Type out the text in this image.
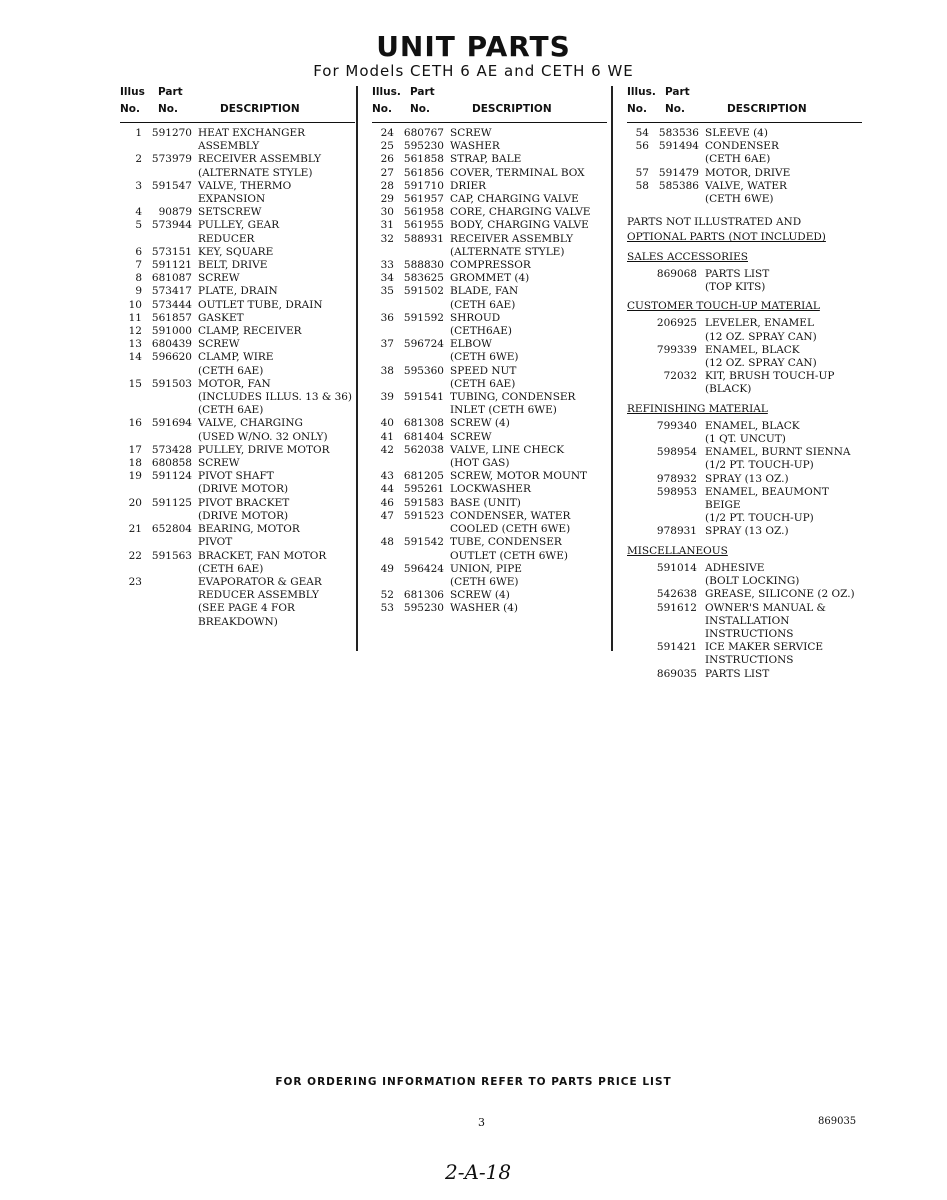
UNIT PARTS
For Models CETH 6 AE and CETH 6 WE
Illus Part
No. No.	DESCRIPTION
1 591270 HEAT EXCHANGER
ASSEMBLY
2 573979 RECEIVER ASSEMBLY
(ALTERNATE STYLE)
3 591547 VALVE, THERMO
EXPANSION
4	90879 SETSCREW
5 573944 PULLEY, GEAR
REDUCER
6 573151 KEY, SQUARE
7 591121 BELT, DRIVE
8 681087 SCREW
9 573417 PLATE, DRAIN
10 573444 OUTLET TUBE, DRAIN
11 561857 GASKET
12 591000 CLAMP, RECEIVER
13 680439 SCREW
14 596620 CLAMP, WIRE
(CETH 6AE)
15 591503 MOTOR, FAN
(INCLUDES ILLUS. 13 & 36)
(CETH 6AE)
16 591694 VALVE, CHARGING
(USED W/NO. 32 ONLY)
17 573428 PULLEY, DRIVE MOTOR
18 680858 SCREW
19 591124 PIVOT SHAFT
(DRIVE MOTOR)
20 591125 PIVOT BRACKET
(DRIVE MOTOR)
21 652804 BEARING, MOTOR
PIVOT
22 591563 BRACKET, FAN MOTOR
(CETH 6AE)
23	EVAPORATOR & GEAR
REDUCER ASSEMBLY
(SEE PAGE 4 FOR
BREAKDOWN)
Illus. Part
No. No.	DESCRIPTION
24 680767 SCREW
25 595230 WASHER
26 561858 STRAP, BALE
27 561856 COVER, TERMINAL BOX
28 591710 DRIER
29 561957 CAP, CHARGING VALVE
30 561958 CORE, CHARGING VALVE
31 561955 BODY, CHARGING VALVE
32 588931 RECEIVER ASSEMBLY
(ALTERNATE STYLE)
33 588830 COMPRESSOR
34 583625 GROMMET (4)
35 591502 BLADE, FAN
(CETH 6AE)
36 591592 SHROUD
(CETH6AE)
37 596724 ELBOW
(CETH 6WE)
38 595360 SPEED NUT
(CETH 6AE)
39 591541 TUBING, CONDENSER
INLET (CETH 6WE)
40 681308 SCREW (4)
41 681404 SCREW
42 562038 VALVE, LINE CHECK
(HOT GAS)
43 681205 SCREW, MOTOR MOUNT
44 595261 LOCKWASHER
46 591583 BASE (UNIT)
47 591523 CONDENSER, WATER
COOLED (CETH 6WE)
48 591542 TUBE, CONDENSER
OUTLET (CETH 6WE)
49 596424 UNION, PIPE
(CETH 6WE)
52 681306 SCREW (4)
53 595230 WASHER (4)
Illus. Part
No. No.	DESCRIPTION
54 583536 SLEEVE (4)
56 591494 CONDENSER
(CETH 6AE)
57 591479 MOTOR, DRIVE
58 585386 VALVE, WATER
(CETH 6WE)
PARTS NOT ILLUSTRATED AND
OPTIONAL PARTS (NOT INCLUDED)
SALES ACCESSORIES
869068 PARTS LIST
(TOP KITS)
CUSTOMER TOUCH-UP MATERIAL
206925 LEVELER, ENAMEL
(12 OZ. SPRAY CAN)
799339 ENAMEL, BLACK
(12 OZ. SPRAY CAN)
72032 KIT, BRUSH TOUCH-UP
(BLACK)
REFINISHING MATERIAL
799340 ENAMEL, BLACK
(1 QT. UNCUT)
598954 ENAMEL, BURNT SIENNA
(1/2 PT. TOUCH-UP)
978932 SPRAY (13 OZ.)
598953 ENAMEL, BEAUMONT BEIGE
(1/2 PT. TOUCH-UP)
978931 SPRAY (13 OZ.)
MISCELLANEOUS
591014 ADHESIVE
(BOLT LOCKING)
542638 GREASE, SILICONE (2 OZ.)
591612 OWNER'S MANUAL &
INSTALLATION INSTRUCTIONS
591421 ICE MAKER SERVICE
INSTRUCTIONS
869035 PARTS LIST
FOR ORDERING INFORMATION REFER TO PARTS PRICE LIST
3	869035
2-A-18
